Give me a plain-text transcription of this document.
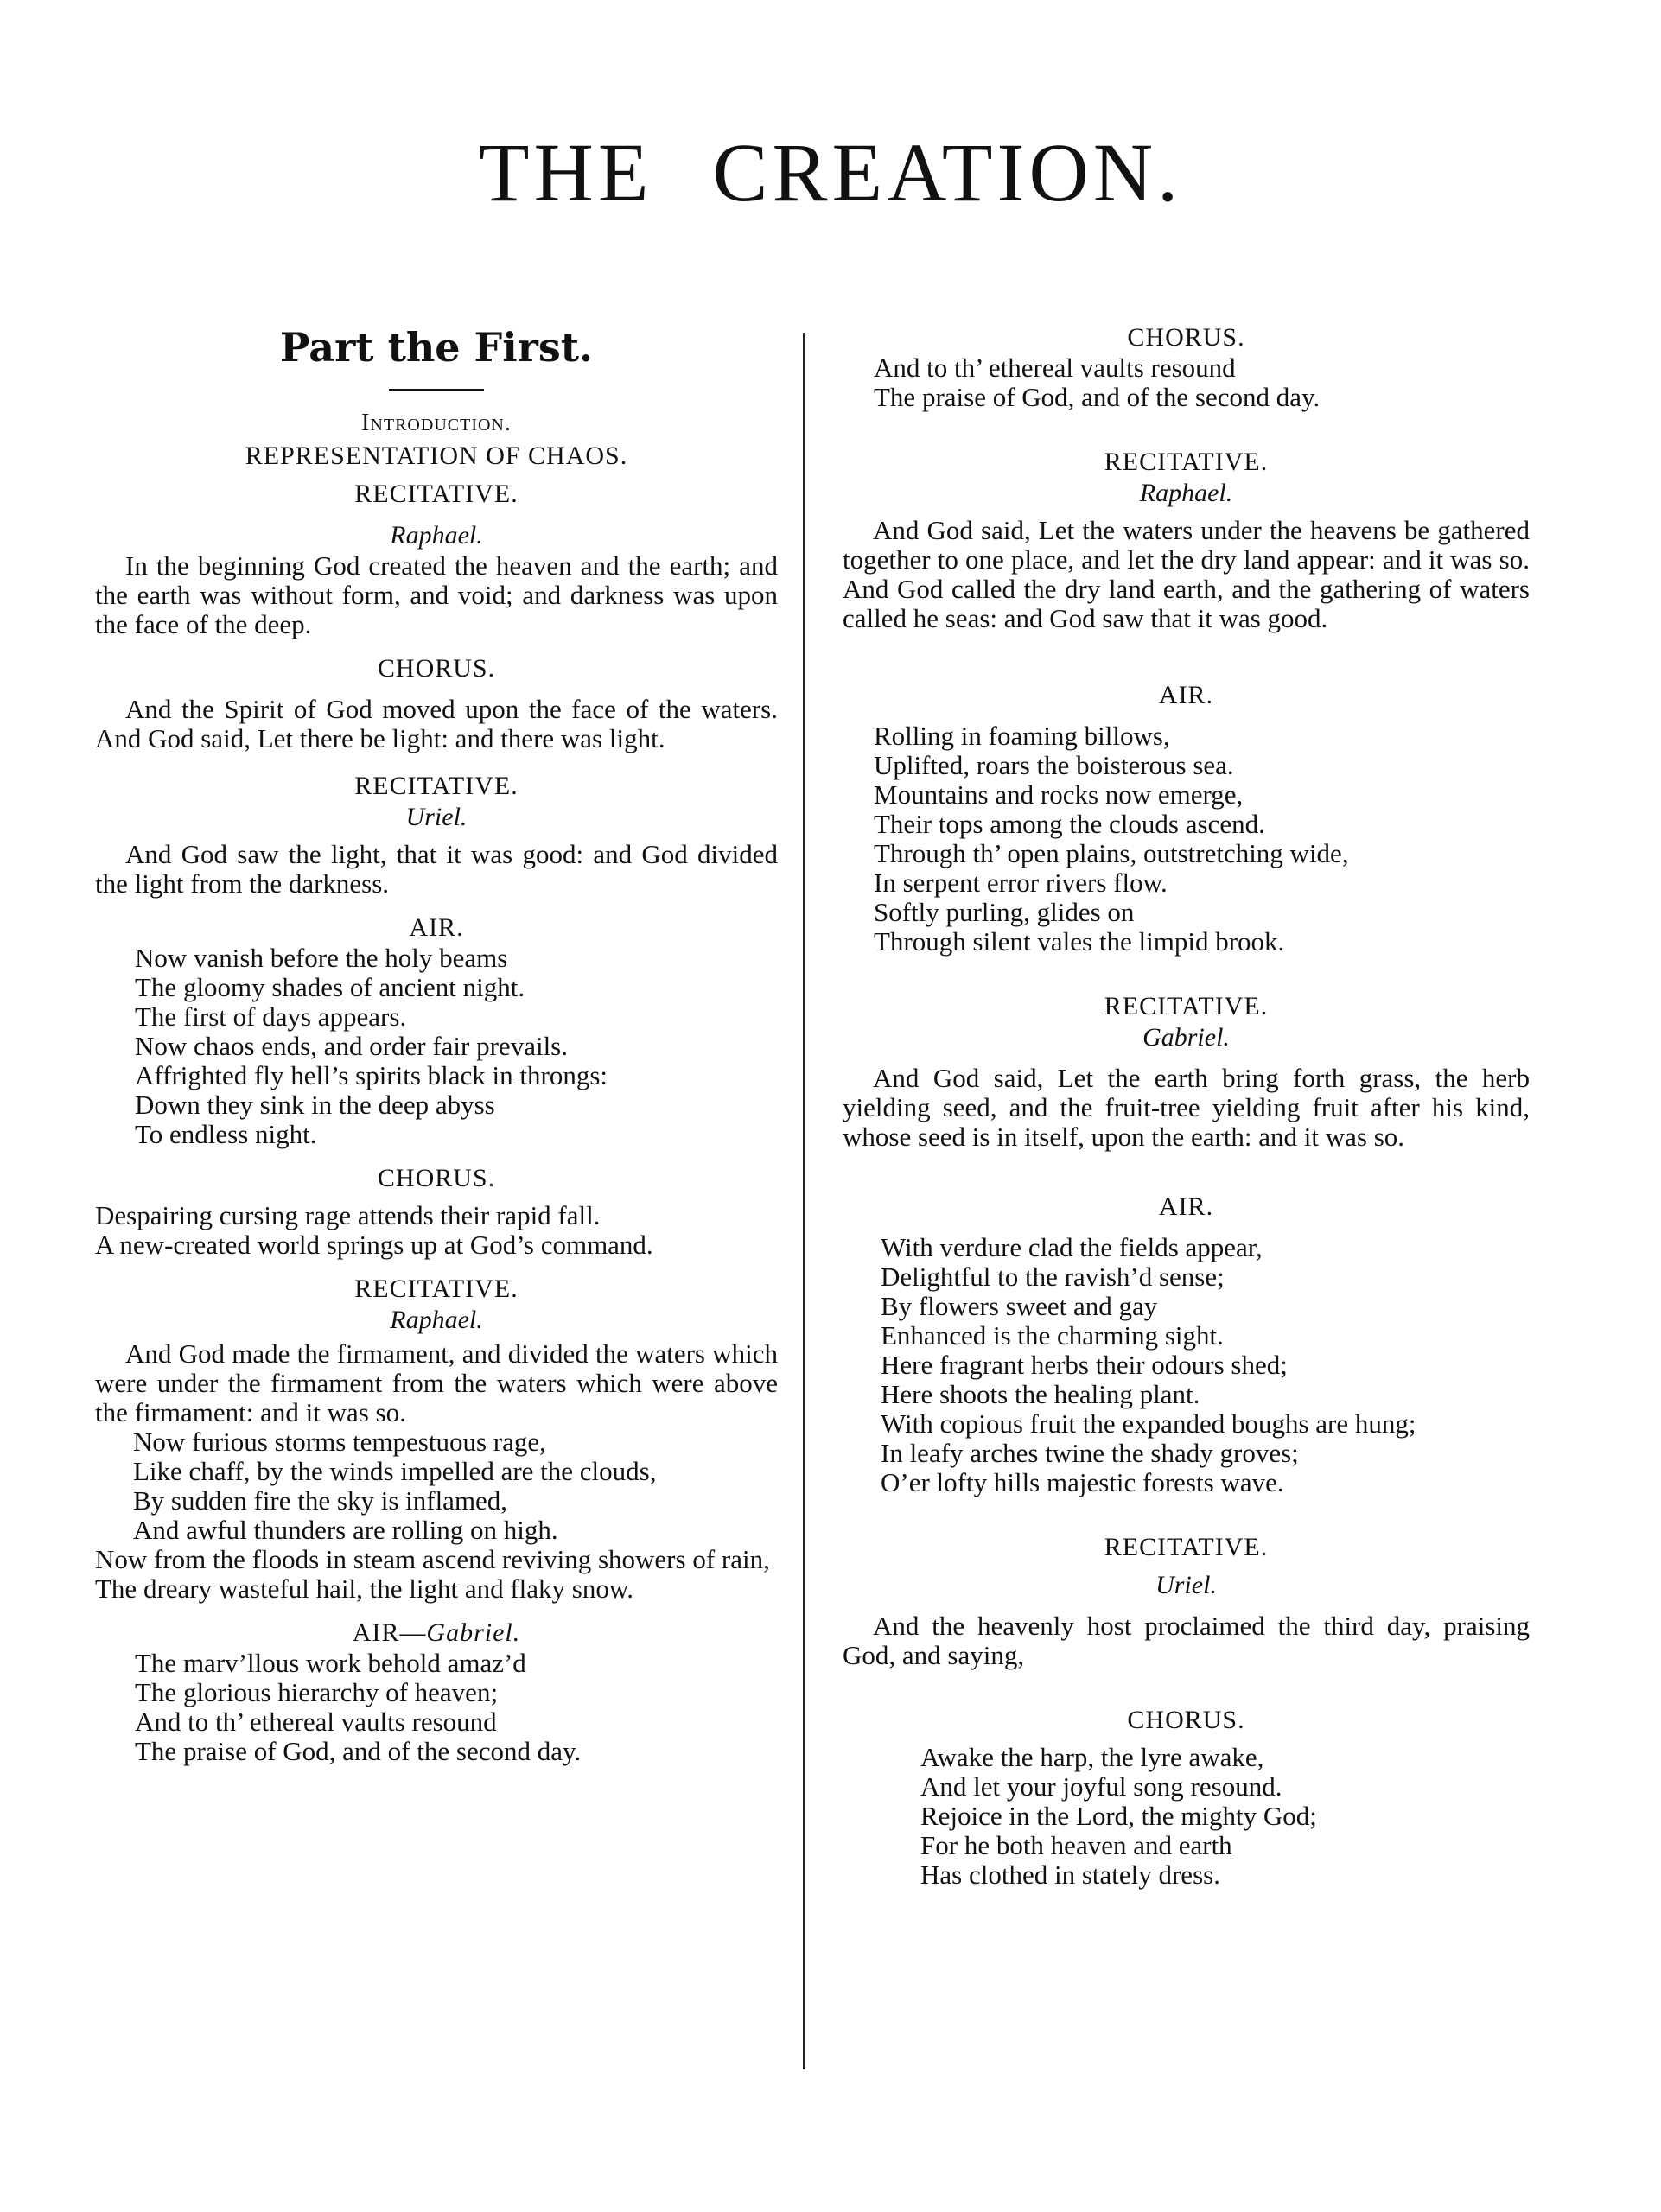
THE CREATION.
Part the First.
Introduction.
REPRESENTATION OF CHAOS.
RECITATIVE.
Raphael.
In the beginning God created the heaven and the earth; and the earth was without form, and void; and darkness was upon the face of the deep.
CHORUS.
And the Spirit of God moved upon the face of the waters. And God said, Let there be light: and there was light.
RECITATIVE.
Uriel.
And God saw the light, that it was good: and God divided the light from the darkness.
AIR.
Now vanish before the holy beams
The gloomy shades of ancient night.
The first of days appears.
Now chaos ends, and order fair prevails.
Affrighted fly hell’s spirits black in throngs:
Down they sink in the deep abyss
To endless night.
CHORUS.
Despairing cursing rage attends their rapid fall.
A new-created world springs up at God’s command.
RECITATIVE.
Raphael.
And God made the firmament, and divided the waters which were under the firmament from the waters which were above the firmament: and it was so.
Now furious storms tempestuous rage,
Like chaff, by the winds impelled are the clouds,
By sudden fire the sky is inflamed,
And awful thunders are rolling on high.
Now from the floods in steam ascend reviving showers of rain,
The dreary wasteful hail, the light and flaky snow.
AIR—Gabriel.
The marv’llous work behold amaz’d
The glorious hierarchy of heaven;
And to th’ ethereal vaults resound
The praise of God, and of the second day.
CHORUS.
And to th’ ethereal vaults resound
The praise of God, and of the second day.
RECITATIVE.
Raphael.
And God said, Let the waters under the heavens be gathered together to one place, and let the dry land appear: and it was so. And God called the dry land earth, and the gathering of waters called he seas: and God saw that it was good.
AIR.
Rolling in foaming billows,
Uplifted, roars the boisterous sea.
Mountains and rocks now emerge,
Their tops among the clouds ascend.
Through th’ open plains, outstretching wide,
In serpent error rivers flow.
Softly purling, glides on
Through silent vales the limpid brook.
RECITATIVE.
Gabriel.
And God said, Let the earth bring forth grass, the herb yielding seed, and the fruit-tree yielding fruit after his kind, whose seed is in itself, upon the earth: and it was so.
AIR.
With verdure clad the fields appear,
Delightful to the ravish’d sense;
By flowers sweet and gay
Enhanced is the charming sight.
Here fragrant herbs their odours shed;
Here shoots the healing plant.
With copious fruit the expanded boughs are hung;
In leafy arches twine the shady groves;
O’er lofty hills majestic forests wave.
RECITATIVE.
Uriel.
And the heavenly host proclaimed the third day, praising God, and saying,
CHORUS.
Awake the harp, the lyre awake,
And let your joyful song resound.
Rejoice in the Lord, the mighty God;
For he both heaven and earth
Has clothed in stately dress.
